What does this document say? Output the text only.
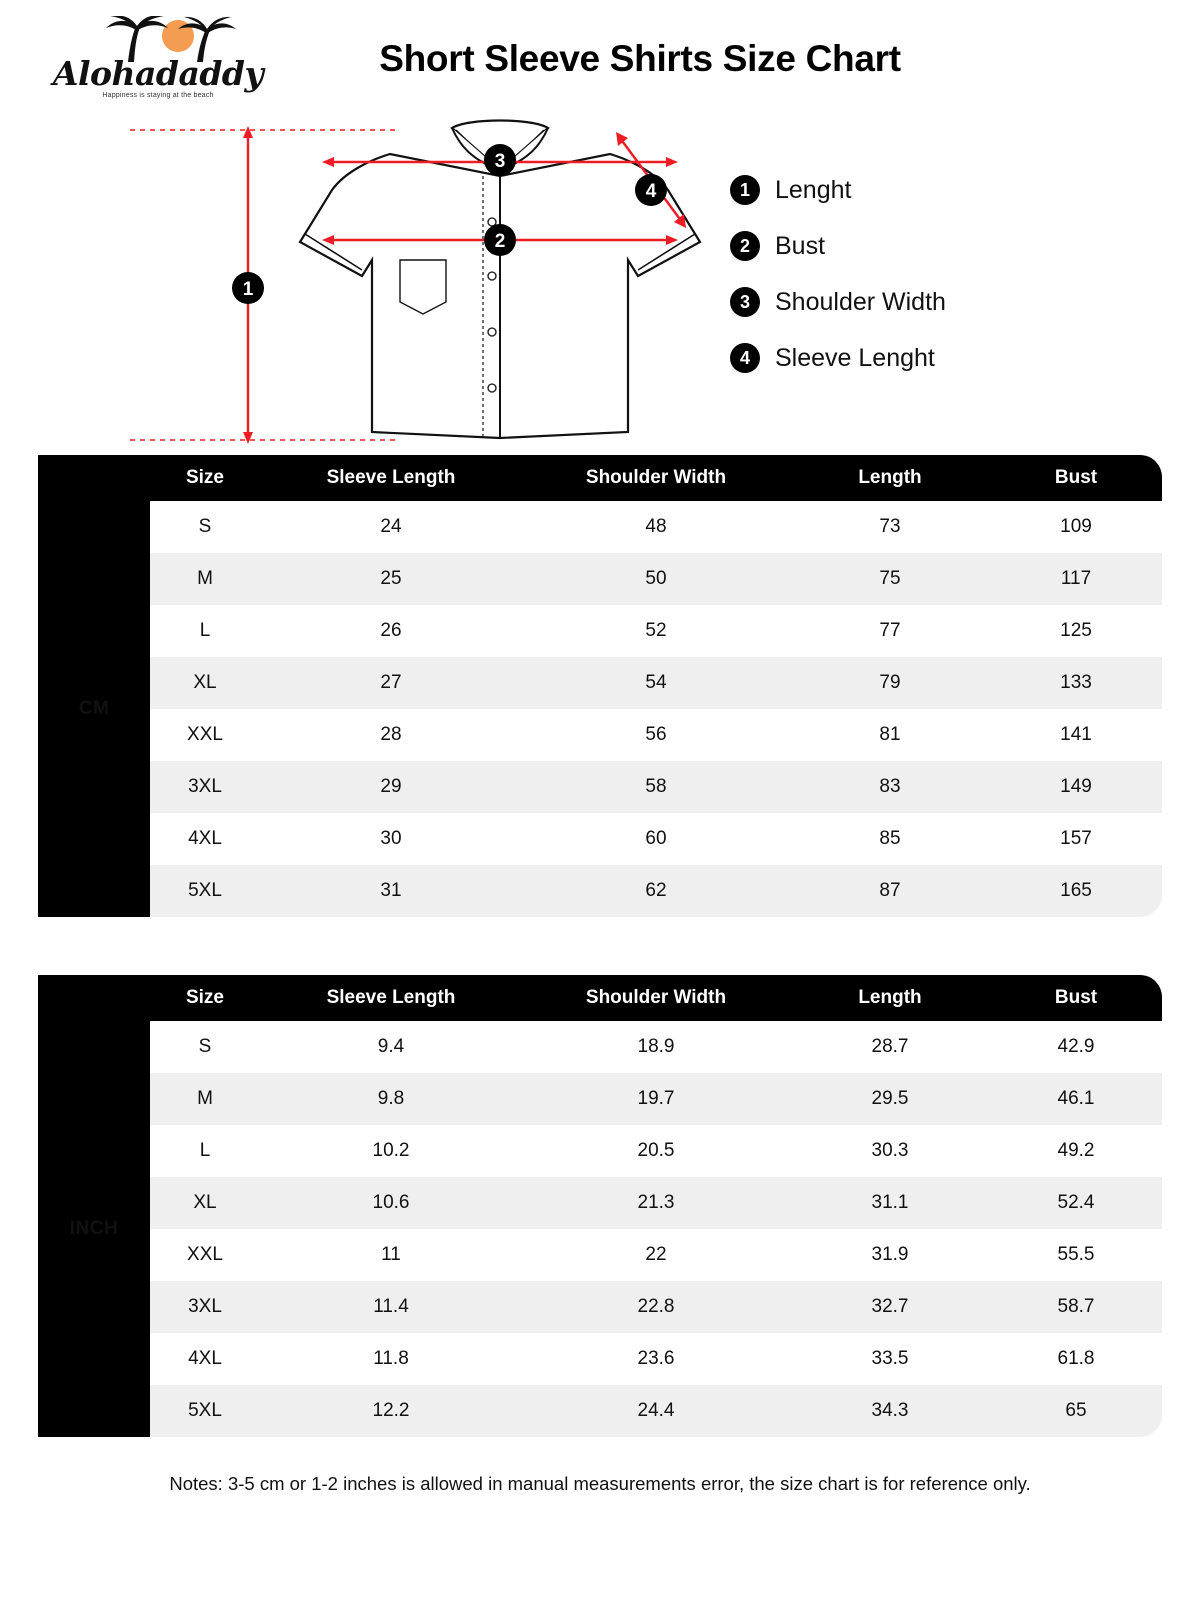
Alohadaddy
Happiness is staying at the beach
Short Sleeve Shirts Size Chart
1
2
3
4	1	Lenght
2	Bust
3	Shoulder Width
4	Sleeve Lenght
	Size	Sleeve Length	Shoulder Width	Length	Bust
CM	S	24	48	73	109
	M	25	50	75	117
	L	26	52	77	125
	XL	27	54	79	133
	XXL	28	56	81	141
	3XL	29	58	83	149
	4XL	30	60	85	157
	5XL	31	62	87	165
	Size	Sleeve Length	Shoulder Width	Length	Bust
INCH	S	9.4	18.9	28.7	42.9
	M	9.8	19.7	29.5	46.1
	L	10.2	20.5	30.3	49.2
	XL	10.6	21.3	31.1	52.4
	XXL	11	22	31.9	55.5
	3XL	11.4	22.8	32.7	58.7
	4XL	11.8	23.6	33.5	61.8
	5XL	12.2	24.4	34.3	65
Notes: 3-5 cm or 1-2 inches is allowed in manual measurements error, the size chart is for reference only.
